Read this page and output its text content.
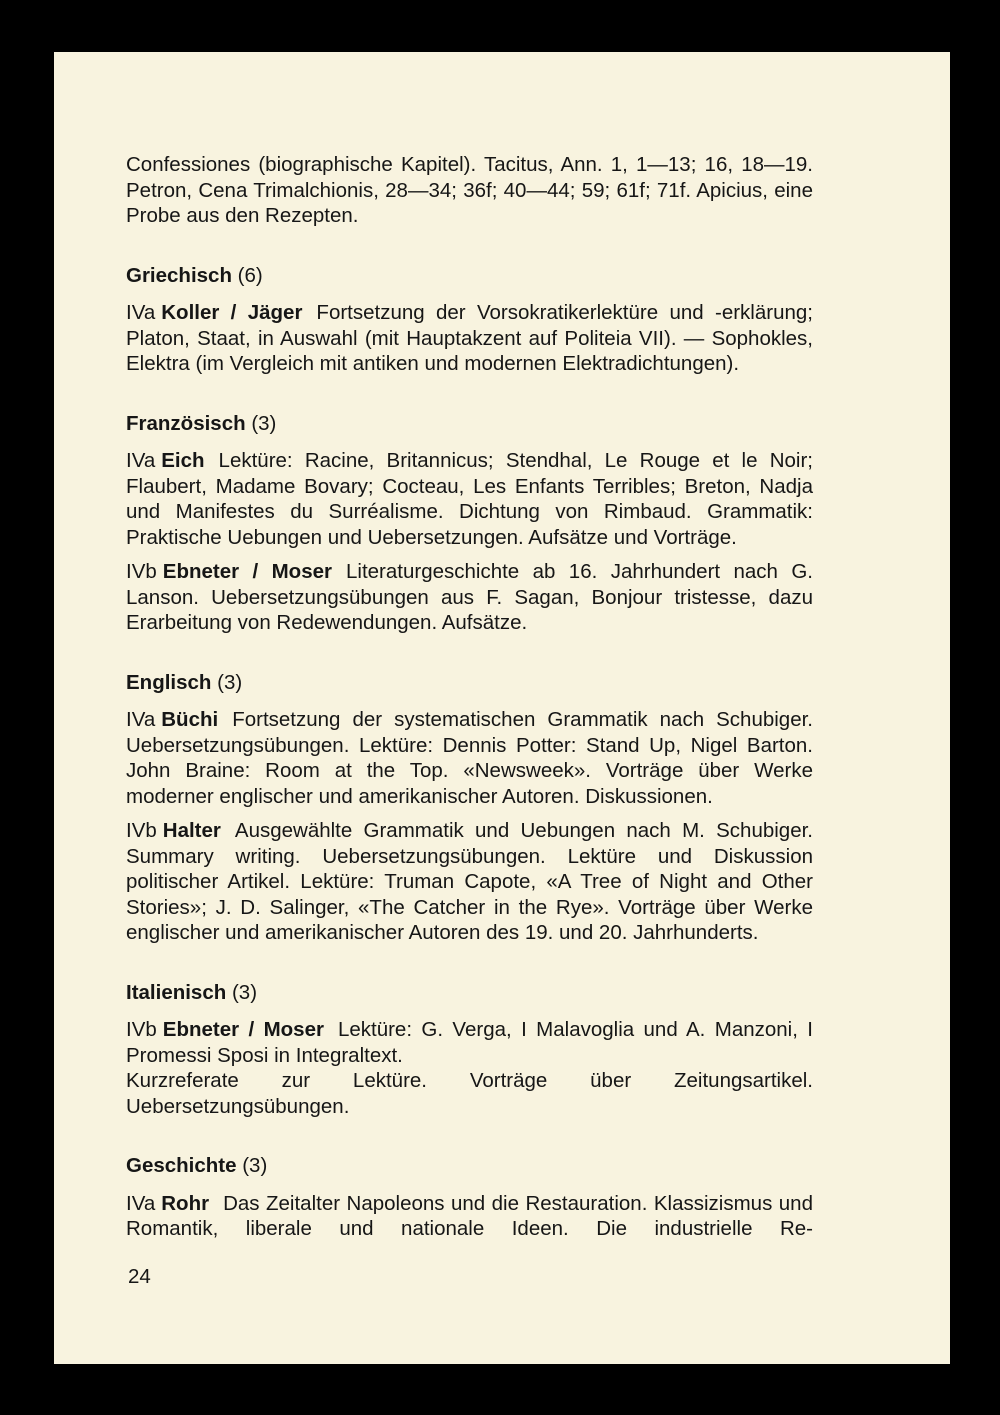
Confessiones (biographische Kapitel). Tacitus, Ann. 1, 1—13; 16, 18—19. Petron, Cena Trimalchionis, 28—34; 36f; 40—44; 59; 61f; 71f. Apicius, eine Probe aus den Rezepten.

Griechisch (6)

IVa Koller / Jäger Fortsetzung der Vorsokratikerlektüre und -erklärung; Platon, Staat, in Auswahl (mit Hauptakzent auf Politeia VII). — Sophokles, Elektra (im Vergleich mit antiken und modernen Elektradichtungen).

Französisch (3)

IVa Eich Lektüre: Racine, Britannicus; Stendhal, Le Rouge et le Noir; Flaubert, Madame Bovary; Cocteau, Les Enfants Terribles; Breton, Nadja und Manifestes du Surréalisme. Dichtung von Rimbaud. Grammatik: Praktische Uebungen und Uebersetzungen. Aufsätze und Vorträge.

IVb Ebneter / Moser Literaturgeschichte ab 16. Jahrhundert nach G. Lanson. Uebersetzungsübungen aus F. Sagan, Bonjour tristesse, dazu Erarbeitung von Redewendungen. Aufsätze.

Englisch (3)

IVa Büchi Fortsetzung der systematischen Grammatik nach Schubiger. Uebersetzungsübungen. Lektüre: Dennis Potter: Stand Up, Nigel Barton. John Braine: Room at the Top. «Newsweek». Vorträge über Werke moderner englischer und amerikanischer Autoren. Diskussionen.

IVb Halter Ausgewählte Grammatik und Uebungen nach M. Schubiger. Summary writing. Uebersetzungsübungen. Lektüre und Diskussion politischer Artikel. Lektüre: Truman Capote, «A Tree of Night and Other Stories»; J. D. Salinger, «The Catcher in the Rye». Vorträge über Werke englischer und amerikanischer Autoren des 19. und 20. Jahrhunderts.

Italienisch (3)

IVb Ebneter / Moser Lektüre: G. Verga, I Malavoglia und A. Manzoni, I Promessi Sposi in Integraltext.

Kurzreferate zur Lektüre. Vorträge über Zeitungsartikel. Uebersetzungsübungen.

Geschichte (3)

IVa Rohr Das Zeitalter Napoleons und die Restauration. Klassizismus und Romantik, liberale und nationale Ideen. Die industrielle Re-

24
